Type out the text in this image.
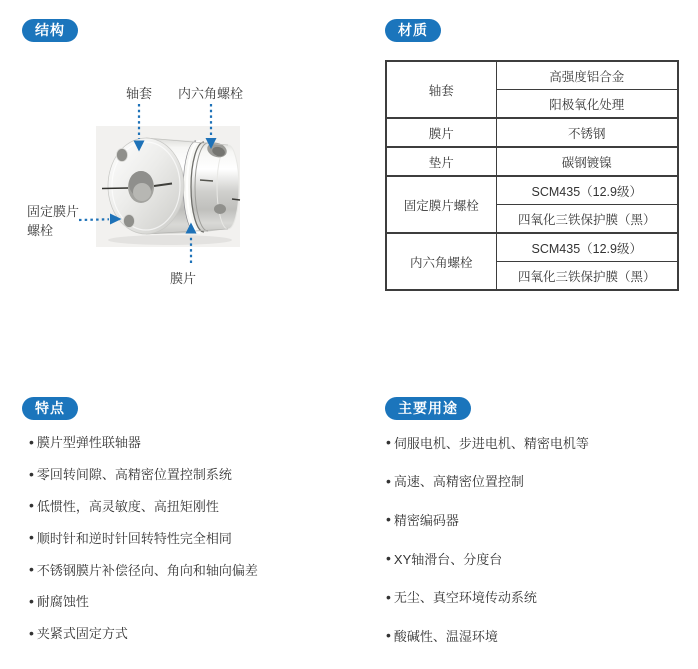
结构
轴套 内六角螺栓
固定膜片
螺栓
膜片
材质
轴套	高强度铝合金
	阳极氧化处理
膜片	不锈钢
垫片	碳钢镀镍
固定膜片螺栓	SCM435（12.9级）
	四氧化三铁保护膜（黑）
内六角螺栓	SCM435（12.9级）
	四氧化三铁保护膜（黑）
特点
• 膜片型弹性联轴器
• 零回转间隙、高精密位置控制系统
• 低惯性，高灵敏度、高扭矩刚性
• 顺时针和逆时针回转特性完全相同
• 不锈钢膜片补偿径向、角向和轴向偏差
• 耐腐蚀性
• 夹紧式固定方式
主要用途
• 伺服电机、步进电机、精密电机等
• 高速、高精密位置控制
• 精密编码器
• XY轴滑台、分度台
• 无尘、真空环境传动系统
• 酸碱性、温湿环境
